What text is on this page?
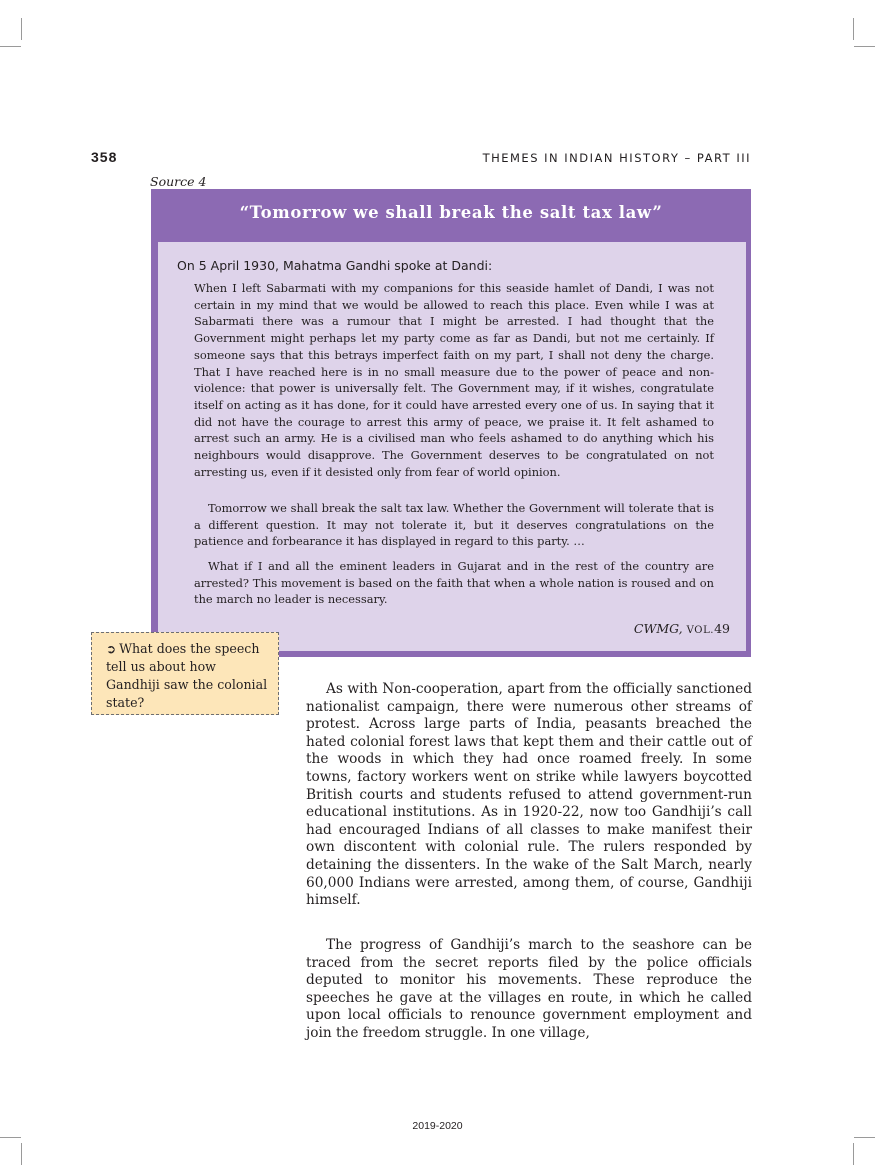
358	THEMES IN INDIAN HISTORY – PART III
Source 4
“Tomorrow we shall break the salt tax law”
On 5 April 1930, Mahatma Gandhi spoke at Dandi:

When I left Sabarmati with my companions for this seaside hamlet of Dandi, I was not certain in my mind that we would be allowed to reach this place. Even while I was at Sabarmati there was a rumour that I might be arrested. I had thought that the Government might perhaps let my party come as far as Dandi, but not me certainly. If someone says that this betrays imperfect faith on my part, I shall not deny the charge. That I have reached here is in no small measure due to the power of peace and non-violence: that power is universally felt. The Government may, if it wishes, congratulate itself on acting as it has done, for it could have arrested every one of us. In saying that it did not have the courage to arrest this army of peace, we praise it. It felt ashamed to arrest such an army. He is a civilised man who feels ashamed to do anything which his neighbours would disapprove. The Government deserves to be congratulated on not arresting us, even if it desisted only from fear of world opinion.

Tomorrow we shall break the salt tax law. Whether the Government will tolerate that is a different question. It may not tolerate it, but it deserves congratulations on the patience and forbearance it has displayed in regard to this party. …

What if I and all the eminent leaders in Gujarat and in the rest of the country are arrested? This movement is based on the faith that when a whole nation is roused and on the march no leader is necessary.

CWMG, VOL.49
➲ What does the speech tell us about how Gandhiji saw the colonial state?

As with Non-cooperation, apart from the officially sanctioned nationalist campaign, there were numerous other streams of protest. Across large parts of India, peasants breached the hated colonial forest laws that kept them and their cattle out of the woods in which they had once roamed freely. In some towns, factory workers went on strike while lawyers boycotted British courts and students refused to attend government-run educational institutions. As in 1920-22, now too Gandhiji’s call had encouraged Indians of all classes to make manifest their own discontent with colonial rule. The rulers responded by detaining the dissenters. In the wake of the Salt March, nearly 60,000 Indians were arrested, among them, of course, Gandhiji himself.

The progress of Gandhiji’s march to the seashore can be traced from the secret reports filed by the police officials deputed to monitor his movements. These reproduce the speeches he gave at the villages en route, in which he called upon local officials to renounce government employment and join the freedom struggle. In one village,

2019-2020
